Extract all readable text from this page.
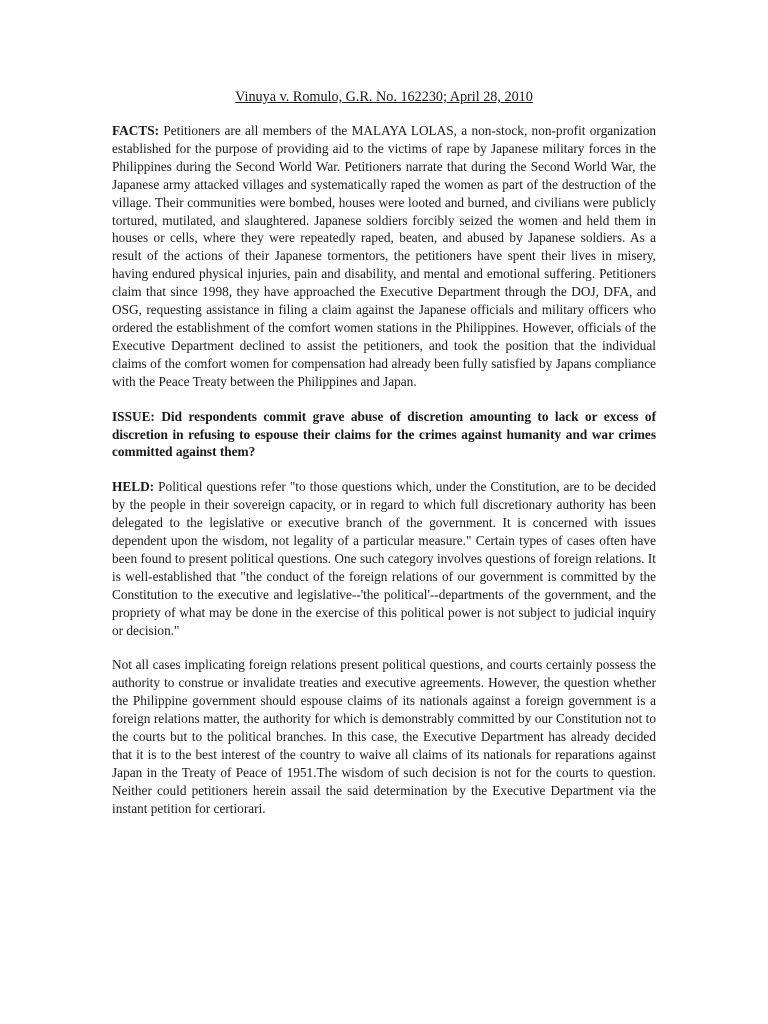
Vinuya v. Romulo, G.R. No. 162230; April 28, 2010

FACTS: Petitioners are all members of the MALAYA LOLAS, a non-stock, non-profit organization established for the purpose of providing aid to the victims of rape by Japanese military forces in the Philippines during the Second World War. Petitioners narrate that during the Second World War, the Japanese army attacked villages and systematically raped the women as part of the destruction of the village. Their communities were bombed, houses were looted and burned, and civilians were publicly tortured, mutilated, and slaughtered. Japanese soldiers forcibly seized the women and held them in houses or cells, where they were repeatedly raped, beaten, and abused by Japanese soldiers. As a result of the actions of their Japanese tormentors, the petitioners have spent their lives in misery, having endured physical injuries, pain and disability, and mental and emotional suffering. Petitioners claim that since 1998, they have approached the Executive Department through the DOJ, DFA, and OSG, requesting assistance in filing a claim against the Japanese officials and military officers who ordered the establishment of the comfort women stations in the Philippines. However, officials of the Executive Department declined to assist the petitioners, and took the position that the individual claims of the comfort women for compensation had already been fully satisfied by Japans compliance with the Peace Treaty between the Philippines and Japan.

ISSUE: Did respondents commit grave abuse of discretion amounting to lack or excess of discretion in refusing to espouse their claims for the crimes against humanity and war crimes committed against them?

HELD: Political questions refer "to those questions which, under the Constitution, are to be decided by the people in their sovereign capacity, or in regard to which full discretionary authority has been delegated to the legislative or executive branch of the government. It is concerned with issues dependent upon the wisdom, not legality of a particular measure." Certain types of cases often have been found to present political questions. One such category involves questions of foreign relations. It is well-established that "the conduct of the foreign relations of our government is committed by the Constitution to the executive and legislative--'the political'--departments of the government, and the propriety of what may be done in the exercise of this political power is not subject to judicial inquiry or decision."

Not all cases implicating foreign relations present political questions, and courts certainly possess the authority to construe or invalidate treaties and executive agreements. However, the question whether the Philippine government should espouse claims of its nationals against a foreign government is a foreign relations matter, the authority for which is demonstrably committed by our Constitution not to the courts but to the political branches. In this case, the Executive Department has already decided that it is to the best interest of the country to waive all claims of its nationals for reparations against Japan in the Treaty of Peace of 1951.The wisdom of such decision is not for the courts to question. Neither could petitioners herein assail the said determination by the Executive Department via the instant petition for certiorari.
